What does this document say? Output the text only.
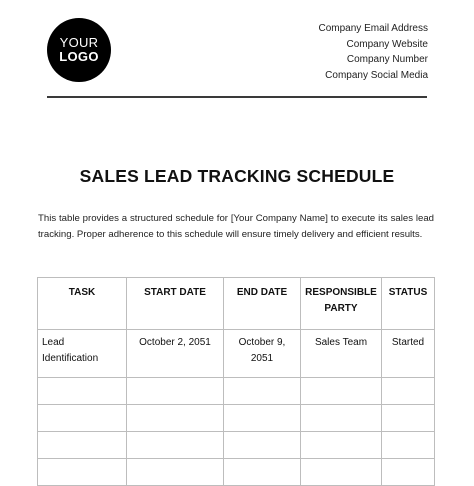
YOUR
LOGO
Company Email Address
Company Website
Company Number
Company Social Media
SALES LEAD TRACKING SCHEDULE
This table provides a structured schedule for [Your Company Name] to execute its sales lead tracking. Proper adherence to this schedule will ensure timely delivery and efficient results.
TASK	START DATE	END DATE	RESPONSIBLE PARTY	STATUS
Lead Identification	October 2, 2051	October 9, 2051	Sales Team	Started
